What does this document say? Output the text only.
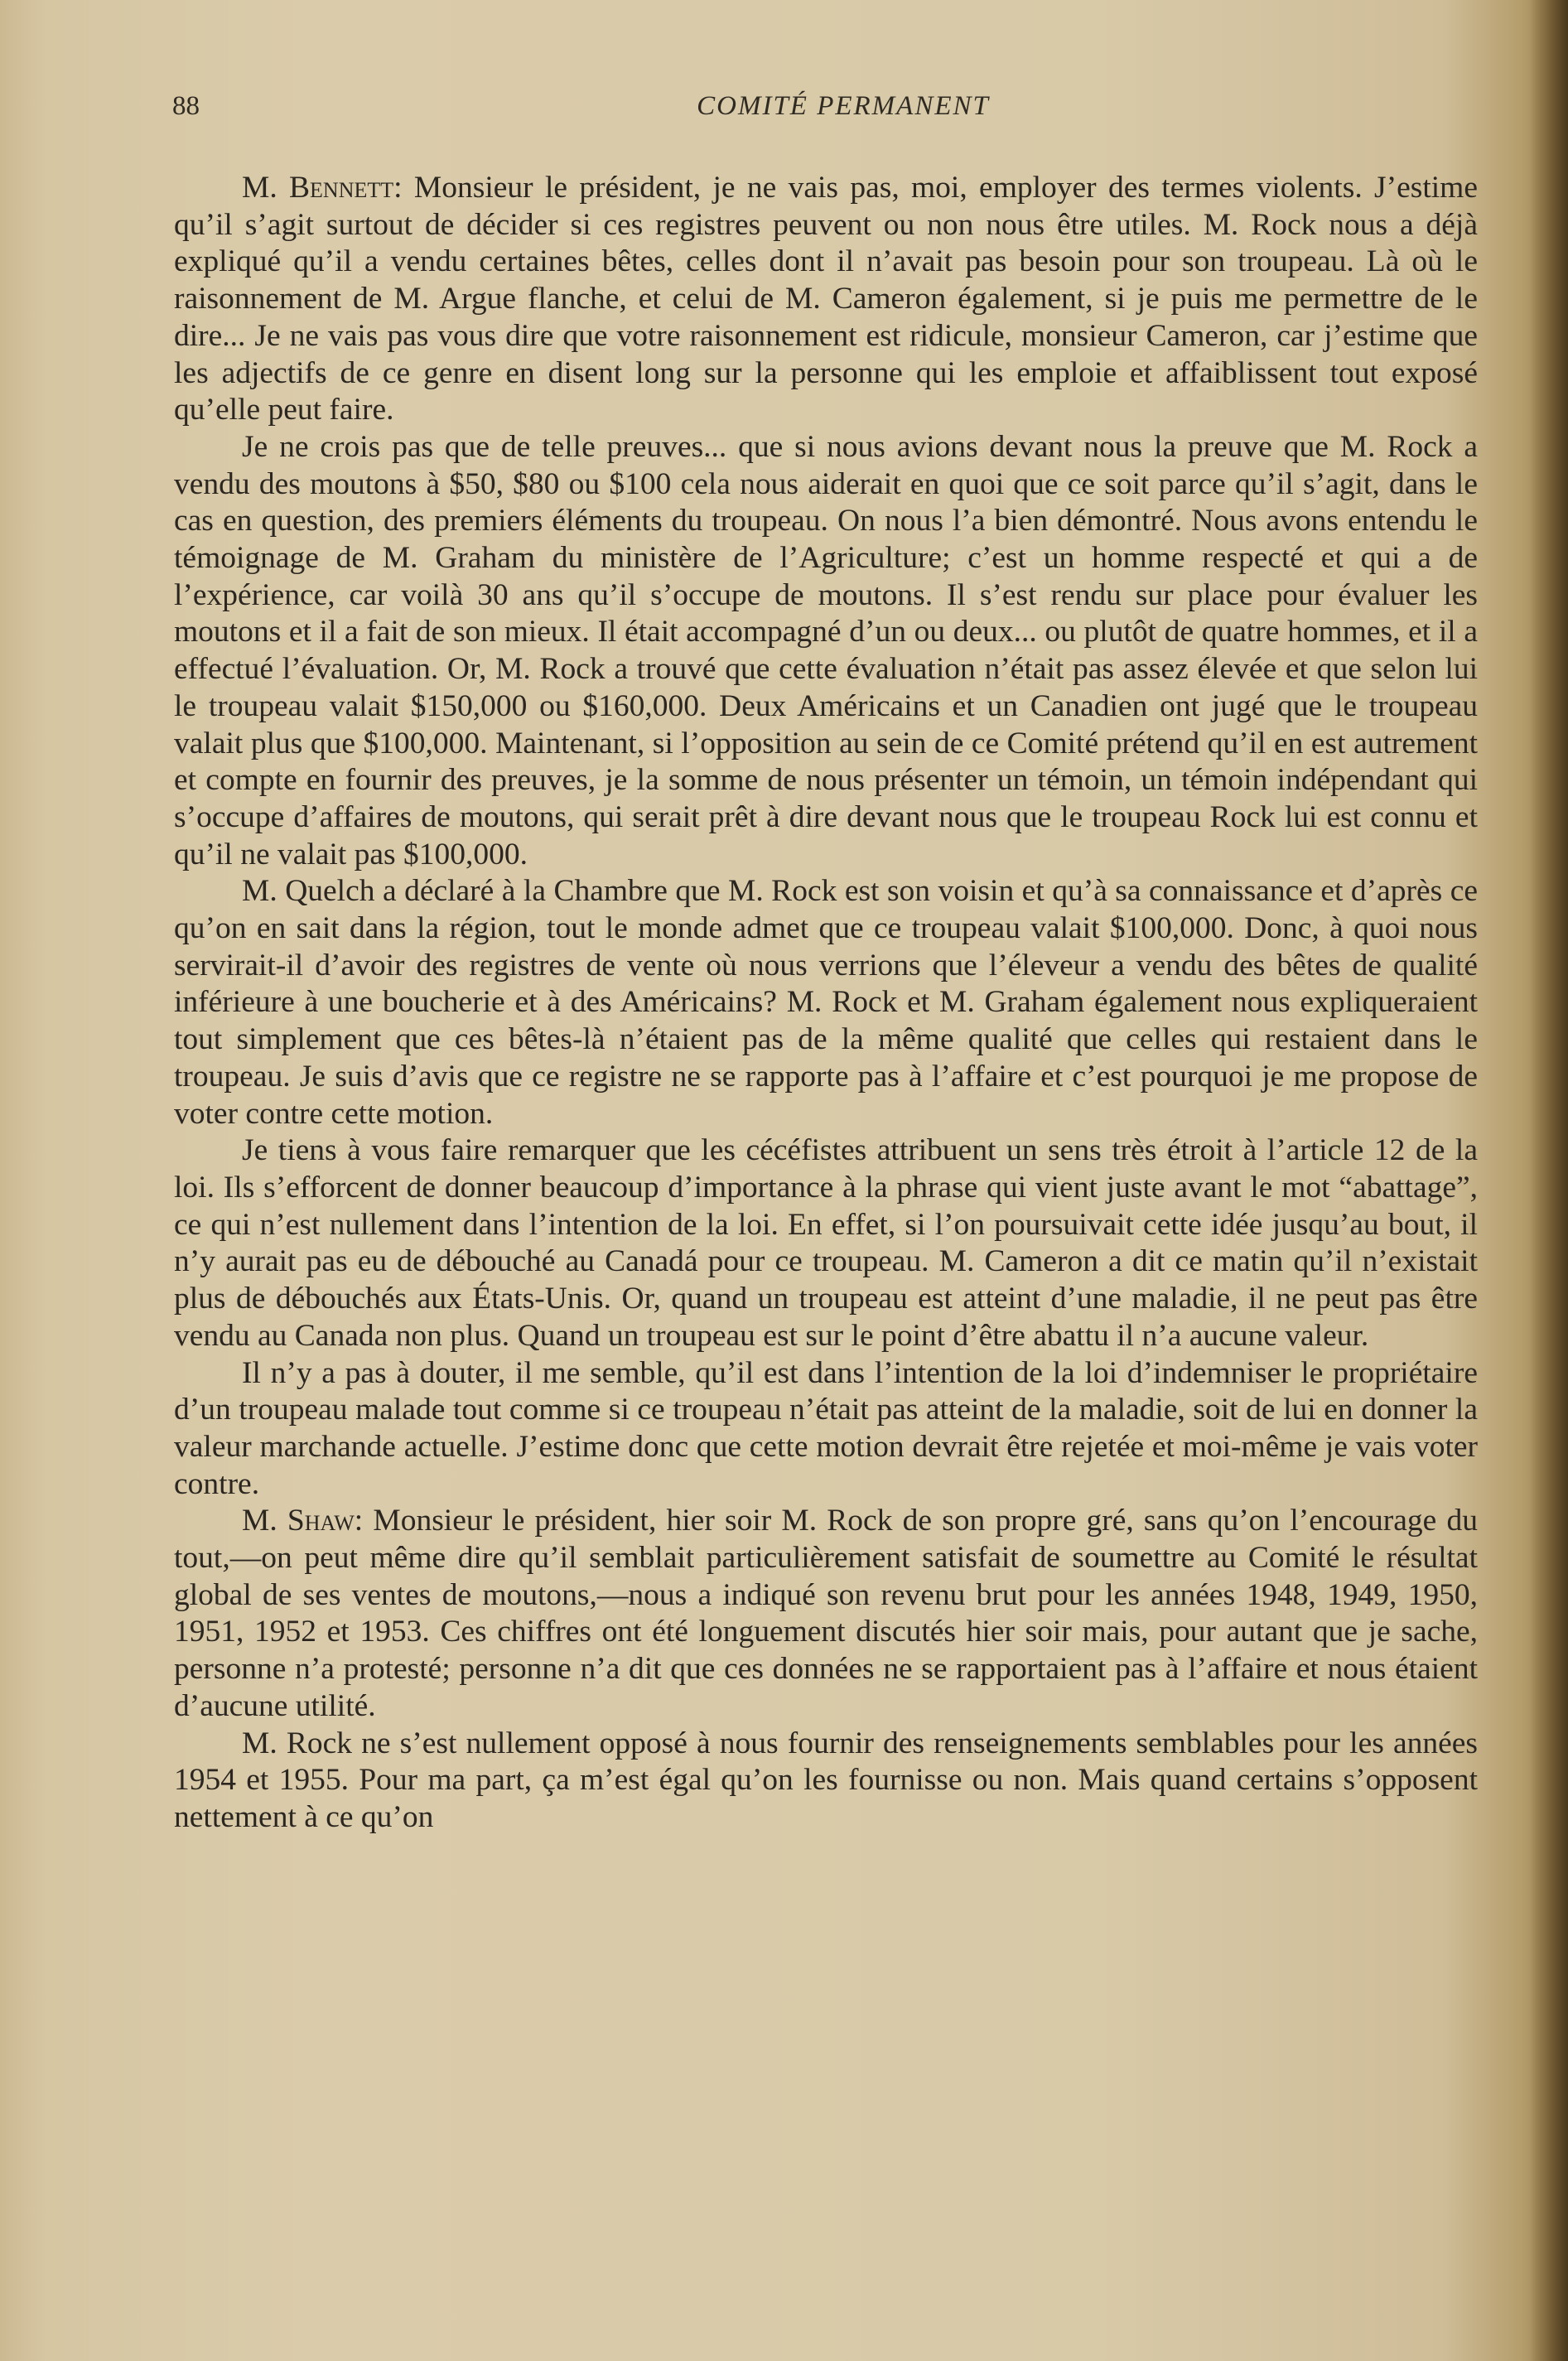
88	COMITÉ PERMANENT

M. Bennett: Monsieur le président, je ne vais pas, moi, employer des termes violents. J’estime qu’il s’agit surtout de décider si ces registres peuvent ou non nous être utiles. M. Rock nous a déjà expliqué qu’il a vendu certaines bêtes, celles dont il n’avait pas besoin pour son troupeau. Là où le raisonnement de M. Argue flanche, et celui de M. Cameron également, si je puis me permettre de le dire... Je ne vais pas vous dire que votre raisonnement est ridicule, monsieur Cameron, car j’estime que les adjectifs de ce genre en disent long sur la personne qui les emploie et affaiblissent tout exposé qu’elle peut faire.

Je ne crois pas que de telle preuves... que si nous avions devant nous la preuve que M. Rock a vendu des moutons à $50, $80 ou $100 cela nous aiderait en quoi que ce soit parce qu’il s’agit, dans le cas en question, des premiers éléments du troupeau. On nous l’a bien démontré. Nous avons entendu le témoignage de M. Graham du ministère de l’Agriculture; c’est un homme respecté et qui a de l’expérience, car voilà 30 ans qu’il s’occupe de moutons. Il s’est rendu sur place pour évaluer les moutons et il a fait de son mieux. Il était accompagné d’un ou deux... ou plutôt de quatre hommes, et il a effectué l’évaluation. Or, M. Rock a trouvé que cette évaluation n’était pas assez élevée et que selon lui le troupeau valait $150,000 ou $160,000. Deux Américains et un Canadien ont jugé que le troupeau valait plus que $100,000. Maintenant, si l’opposition au sein de ce Comité prétend qu’il en est autrement et compte en fournir des preuves, je la somme de nous présenter un témoin, un témoin indépendant qui s’occupe d’affaires de moutons, qui serait prêt à dire devant nous que le troupeau Rock lui est connu et qu’il ne valait pas $100,000.

M. Quelch a déclaré à la Chambre que M. Rock est son voisin et qu’à sa connaissance et d’après ce qu’on en sait dans la région, tout le monde admet que ce troupeau valait $100,000. Donc, à quoi nous servirait-il d’avoir des registres de vente où nous verrions que l’éleveur a vendu des bêtes de qualité inférieure à une boucherie et à des Américains? M. Rock et M. Graham également nous expliqueraient tout simplement que ces bêtes-là n’étaient pas de la même qualité que celles qui restaient dans le troupeau. Je suis d’avis que ce registre ne se rapporte pas à l’affaire et c’est pourquoi je me propose de voter contre cette motion.

Je tiens à vous faire remarquer que les cécéfistes attribuent un sens très étroit à l’article 12 de la loi. Ils s’efforcent de donner beaucoup d’importance à la phrase qui vient juste avant le mot “abattage”, ce qui n’est nullement dans l’intention de la loi. En effet, si l’on poursuivait cette idée jusqu’au bout, il n’y aurait pas eu de débouché au Canadá pour ce troupeau. M. Cameron a dit ce matin qu’il n’existait plus de débouchés aux États-Unis. Or, quand un troupeau est atteint d’une maladie, il ne peut pas être vendu au Canada non plus. Quand un troupeau est sur le point d’être abattu il n’a aucune valeur.

Il n’y a pas à douter, il me semble, qu’il est dans l’intention de la loi d’indemniser le propriétaire d’un troupeau malade tout comme si ce troupeau n’était pas atteint de la maladie, soit de lui en donner la valeur marchande actuelle. J’estime donc que cette motion devrait être rejetée et moi-même je vais voter contre.

M. Shaw: Monsieur le président, hier soir M. Rock de son propre gré, sans qu’on l’encourage du tout,—on peut même dire qu’il semblait particulièrement satisfait de soumettre au Comité le résultat global de ses ventes de moutons,—nous a indiqué son revenu brut pour les années 1948, 1949, 1950, 1951, 1952 et 1953. Ces chiffres ont été longuement discutés hier soir mais, pour autant que je sache, personne n’a protesté; personne n’a dit que ces données ne se rapportaient pas à l’affaire et nous étaient d’aucune utilité.

M. Rock ne s’est nullement opposé à nous fournir des renseignements semblables pour les années 1954 et 1955. Pour ma part, ça m’est égal qu’on les fournisse ou non. Mais quand certains s’opposent nettement à ce qu’on
